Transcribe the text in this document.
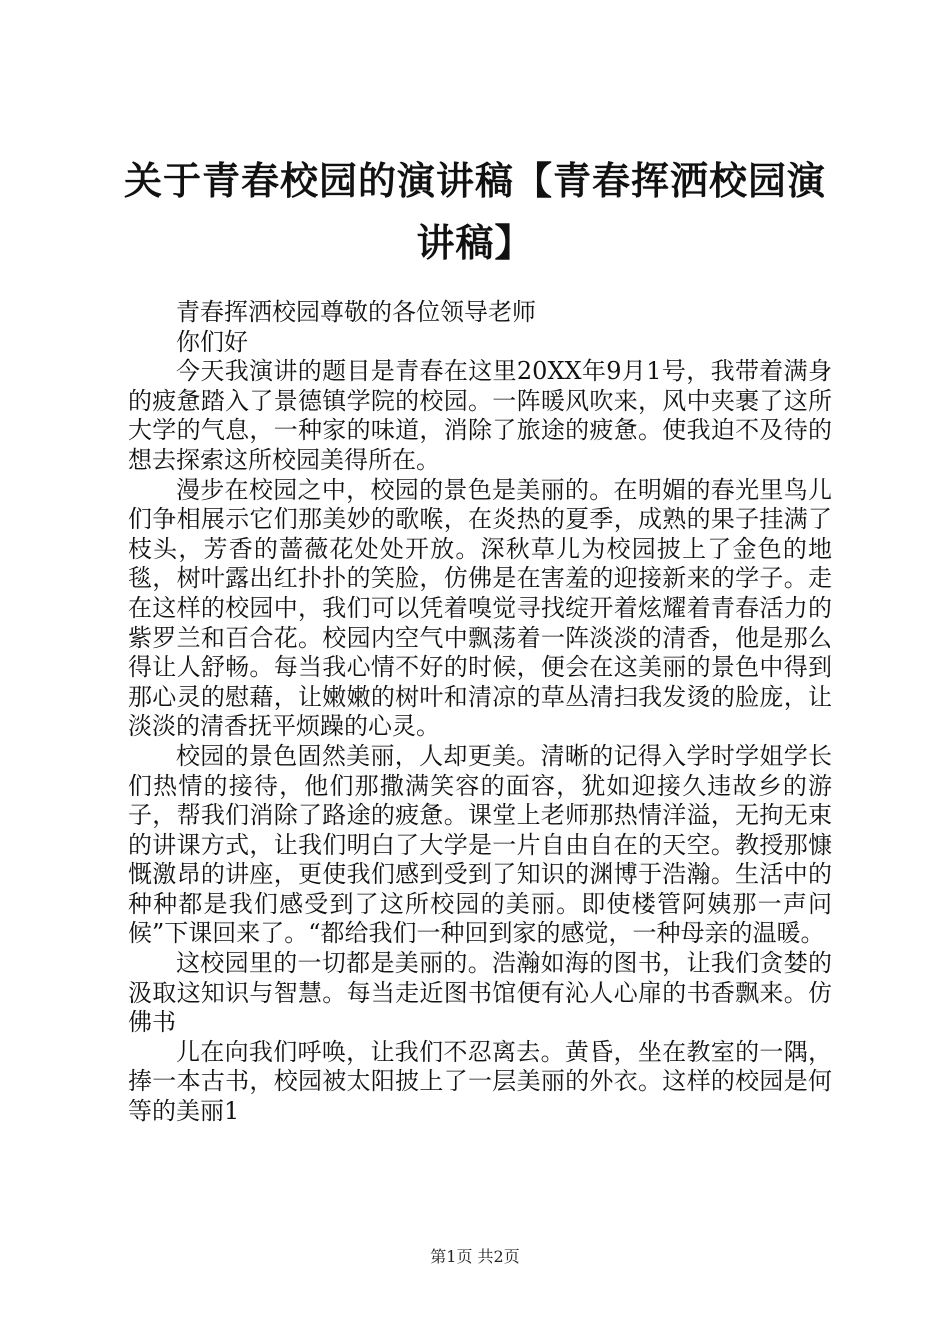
关于青春校园的演讲稿【青春挥洒校园演讲稿】

青春挥洒校园尊敬的各位领导老师

你们好

今天我演讲的题目是青春在这里20XX年9月1号，我带着满身的疲惫踏入了景德镇学院的校园。一阵暖风吹来，风中夹裹了这所大学的气息，一种家的味道，消除了旅途的疲惫。使我迫不及待的想去探索这所校园美得所在。

漫步在校园之中，校园的景色是美丽的。在明媚的春光里鸟儿们争相展示它们那美妙的歌喉，在炎热的夏季，成熟的果子挂满了枝头，芳香的蔷薇花处处开放。深秋草儿为校园披上了金色的地毯，树叶露出红扑扑的笑脸，仿佛是在害羞的迎接新来的学子。走在这样的校园中，我们可以凭着嗅觉寻找绽开着炫耀着青春活力的紫罗兰和百合花。校园内空气中飘荡着一阵淡淡的清香，他是那么得让人舒畅。每当我心情不好的时候，便会在这美丽的景色中得到那心灵的慰藉，让嫩嫩的树叶和清凉的草丛清扫我发烫的脸庞，让淡淡的清香抚平烦躁的心灵。

校园的景色固然美丽，人却更美。清晰的记得入学时学姐学长们热情的接待，他们那撒满笑容的面容，犹如迎接久违故乡的游子，帮我们消除了路途的疲惫。课堂上老师那热情洋溢，无拘无束的讲课方式，让我们明白了大学是一片自由自在的天空。教授那慷慨激昂的讲座，更使我们感到受到了知识的渊博于浩瀚。生活中的种种都是我们感受到了这所校园的美丽。即使楼管阿姨那一声问候”下课回来了。“都给我们一种回到家的感觉，一种母亲的温暖。

这校园里的一切都是美丽的。浩瀚如海的图书，让我们贪婪的汲取这知识与智慧。每当走近图书馆便有沁人心扉的书香飘来。仿佛书

儿在向我们呼唤，让我们不忍离去。黄昏，坐在教室的一隅，捧一本古书，校园被太阳披上了一层美丽的外衣。这样的校园是何等的美丽1

第1页 共2页
